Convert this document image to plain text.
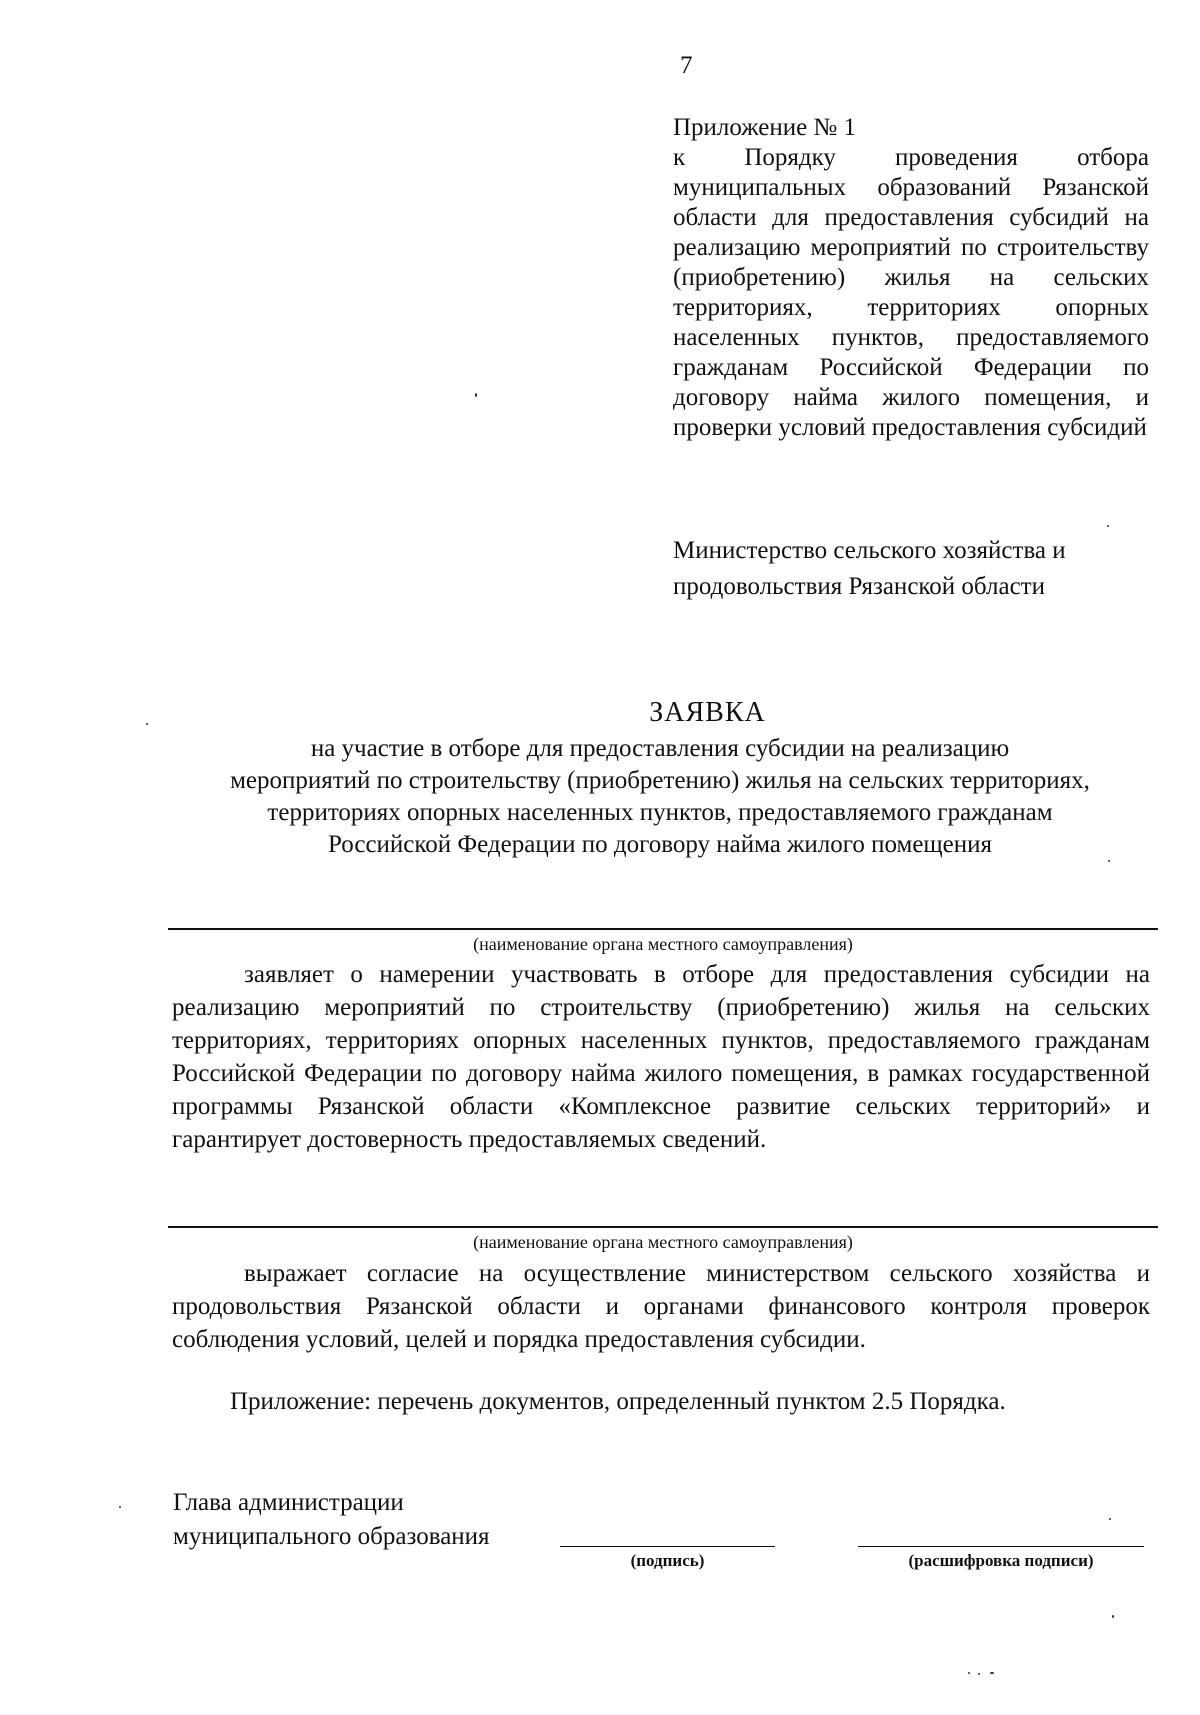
7
Приложение № 1
к Порядку проведения отбора муниципальных образований Рязанской области для предоставления субсидий на реализацию мероприятий по строительству (приобретению) жилья на сельских территориях, территориях опорных населенных пунктов, предоставляемого гражданам Российской Федерации по договору найма жилого помещения, и проверки условий предоставления субсидий
Министерство сельского хозяйства и
продовольствия Рязанской области
ЗАЯВКА
на участие в отборе для предоставления субсидии на реализацию
мероприятий по строительству (приобретению) жилья на сельских территориях,
территориях опорных населенных пунктов, предоставляемого гражданам
Российской Федерации по договору найма жилого помещения
(наименование органа местного самоуправления)
заявляет о намерении участвовать в отборе для предоставления субсидии на реализацию мероприятий по строительству (приобретению) жилья на сельских территориях, территориях опорных населенных пунктов, предоставляемого гражданам Российской Федерации по договору найма жилого помещения, в рамках государственной программы Рязанской области «Комплексное развитие сельских территорий» и гарантирует достоверность предоставляемых сведений.
(наименование органа местного самоуправления)
выражает согласие на осуществление министерством сельского хозяйства и продовольствия Рязанской области и органами финансового контроля проверок соблюдения условий, целей и порядка предоставления субсидии.
Приложение: перечень документов, определенный пунктом 2.5 Порядка.
Глава администрации
муниципального образования
(подпись)	(расшифровка подписи)
